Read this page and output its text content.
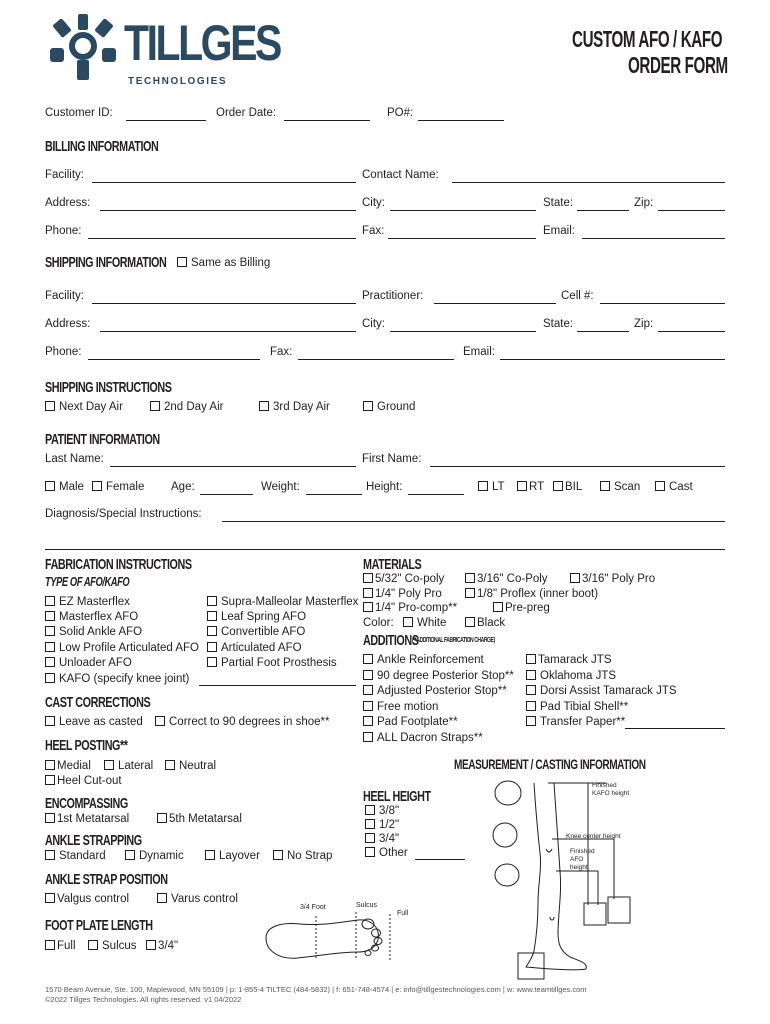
TILLGES
TECHNOLOGIES
CUSTOM AFO / KAFO
ORDER FORM
Customer ID:	Order Date:	PO#:
BILLING INFORMATION
Facility:	Contact Name:
Address:	City:	State:	Zip:
Phone:	Fax:	Email:
SHIPPING INFORMATION	Same as Billing
Facility:	Practitioner:	Cell #:
Address:	City:	State:	Zip:
Phone:	Fax:	Email:
SHIPPING INSTRUCTIONS
Next Day Air	2nd Day Air	3rd Day Air	Ground
PATIENT INFORMATION
Last Name:	First Name:
Male	Female Age:	Weight:	Height:	LT	RT	BIL	Scan	Cast
Diagnosis/Special Instructions:
FABRICATION INSTRUCTIONS
TYPE OF AFO/KAFO
EZ Masterflex
Masterflex AFO
Solid Ankle AFO
Low Profile Articulated AFO
Unloader AFO
KAFO (specify knee joint)
Supra-Malleolar Masterflex
Leaf Spring AFO
Convertible AFO
Articulated AFO
Partial Foot Prosthesis
CAST CORRECTIONS
Leave as casted	Correct to 90 degrees in shoe**
HEEL POSTING**
Medial	Lateral	Neutral
Heel Cut-out
ENCOMPASSING
1st Metatarsal	5th Metatarsal
ANKLE STRAPPING
Standard	Dynamic	Layover	No Strap
ANKLE STRAP POSITION
Valgus control	Varus control
FOOT PLATE LENGTH
Full	Sulcus	3/4"
3/4 Foot	Sulcus
Full
MATERIALS
5/32" Co-poly	3/16" Co-Poly	3/16" Poly Pro
1/4" Poly Pro	1/8" Proflex (inner boot)
1/4" Pro-comp**	Pre-preg
Color:	White	Black
ADDITIONS
(**ADDITIONAL FABRICATION CHARGE)
Ankle Reinforcement
90 degree Posterior Stop**
Adjusted Posterior Stop**
Free motion
Pad Footplate**
ALL Dacron Straps**
Tamarack JTS
Oklahoma JTS
Dorsi Assist Tamarack JTS
Pad Tibial Shell**
Transfer Paper**
MEASUREMENT / CASTING INFORMATION
HEEL HEIGHT
3/8"
1/2"
3/4"
Other
Finished KAFO height
Knee center height
Finished AFO height
1570 Beam Avenue, Ste. 100, Maplewood, MN 55109 | p: 1-855-4 TILTEC (484-5832) | f: 651-748-4574 | e: info@tillgestechnologies.com | w: www.teamtillges.com
©2022 Tillges Technologies. All rights reserved. v1 04/2022
